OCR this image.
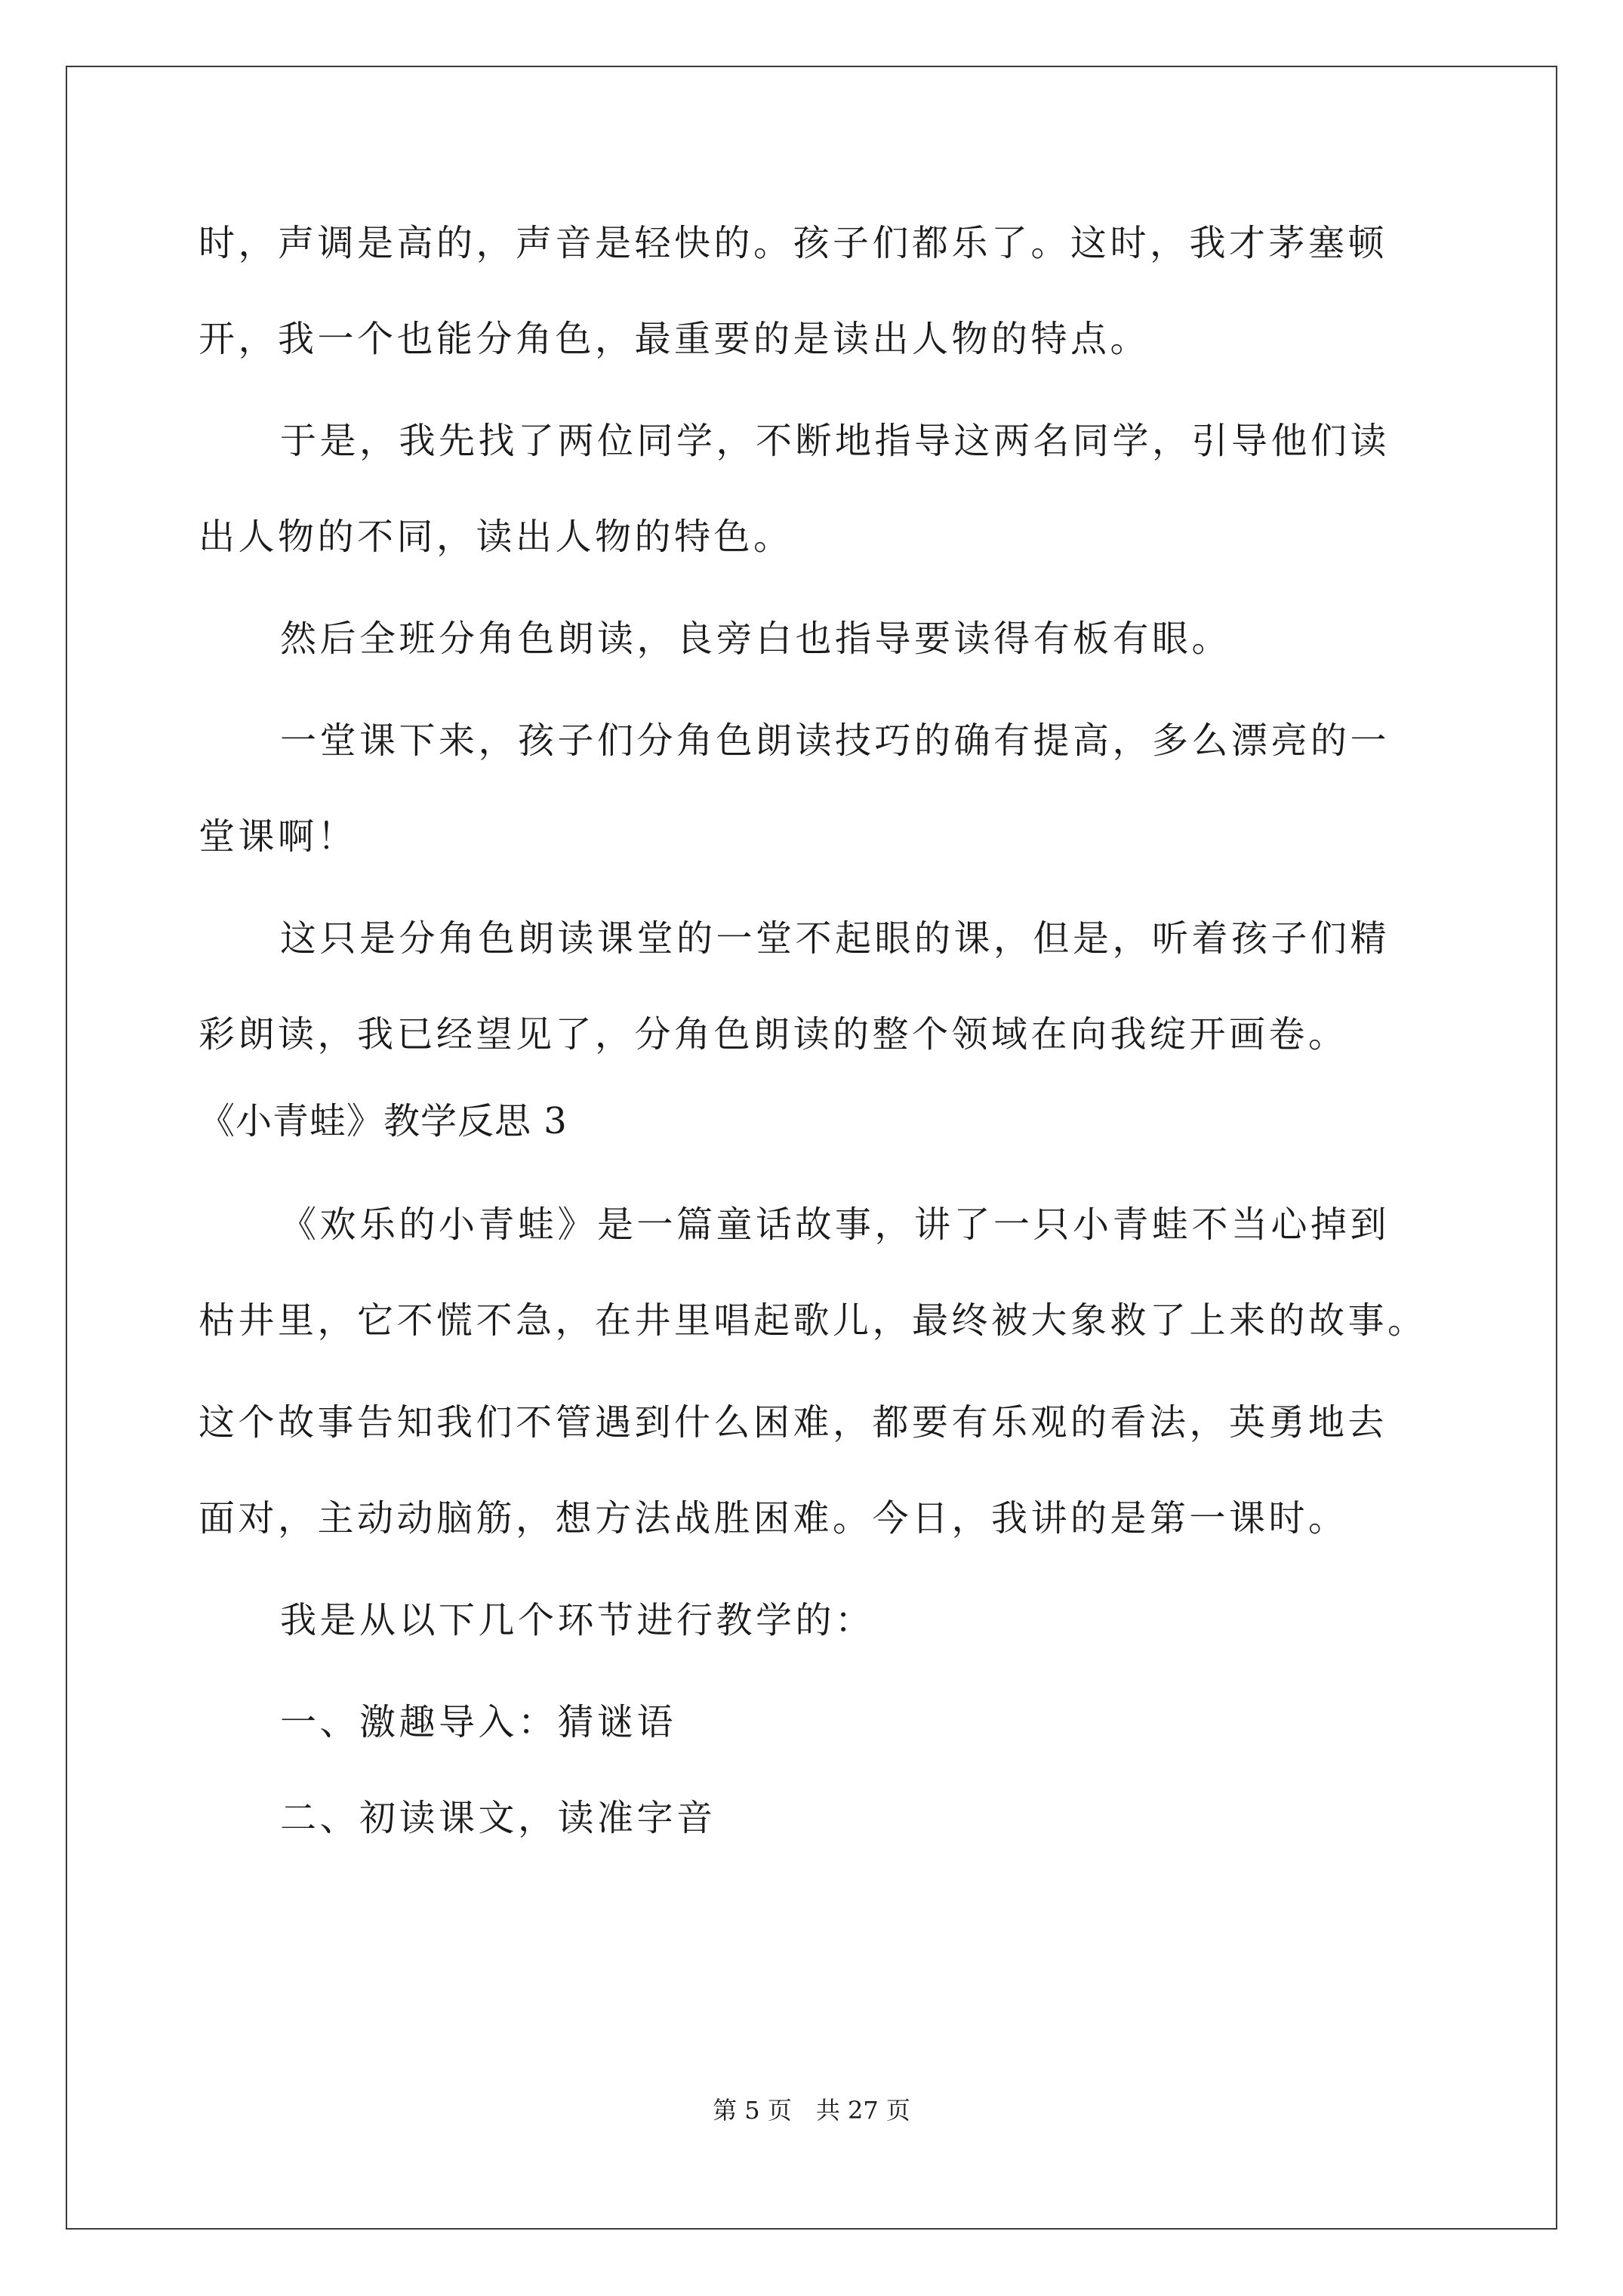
时，声调是高的，声音是轻快的。孩子们都乐了。这时，我才茅塞顿
开，我一个也能分角色，最重要的是读出人物的特点。
于是，我先找了两位同学，不断地指导这两名同学，引导他们读
出人物的不同，读出人物的特色。
然后全班分角色朗读，良旁白也指导要读得有板有眼。
一堂课下来，孩子们分角色朗读技巧的确有提高，多么漂亮的一
堂课啊！
这只是分角色朗读课堂的一堂不起眼的课，但是，听着孩子们精
彩朗读，我已经望见了，分角色朗读的整个领域在向我绽开画卷。
《小青蛙》教学反思 3
《欢乐的小青蛙》是一篇童话故事，讲了一只小青蛙不当心掉到
枯井里，它不慌不急，在井里唱起歌儿，最终被大象救了上来的故事。
这个故事告知我们不管遇到什么困难，都要有乐观的看法，英勇地去
面对，主动动脑筋，想方法战胜困难。今日，我讲的是第一课时。
我是从以下几个环节进行教学的：
一、激趣导入：猜谜语
二、初读课文，读准字音
第 5 页　共 27 页
